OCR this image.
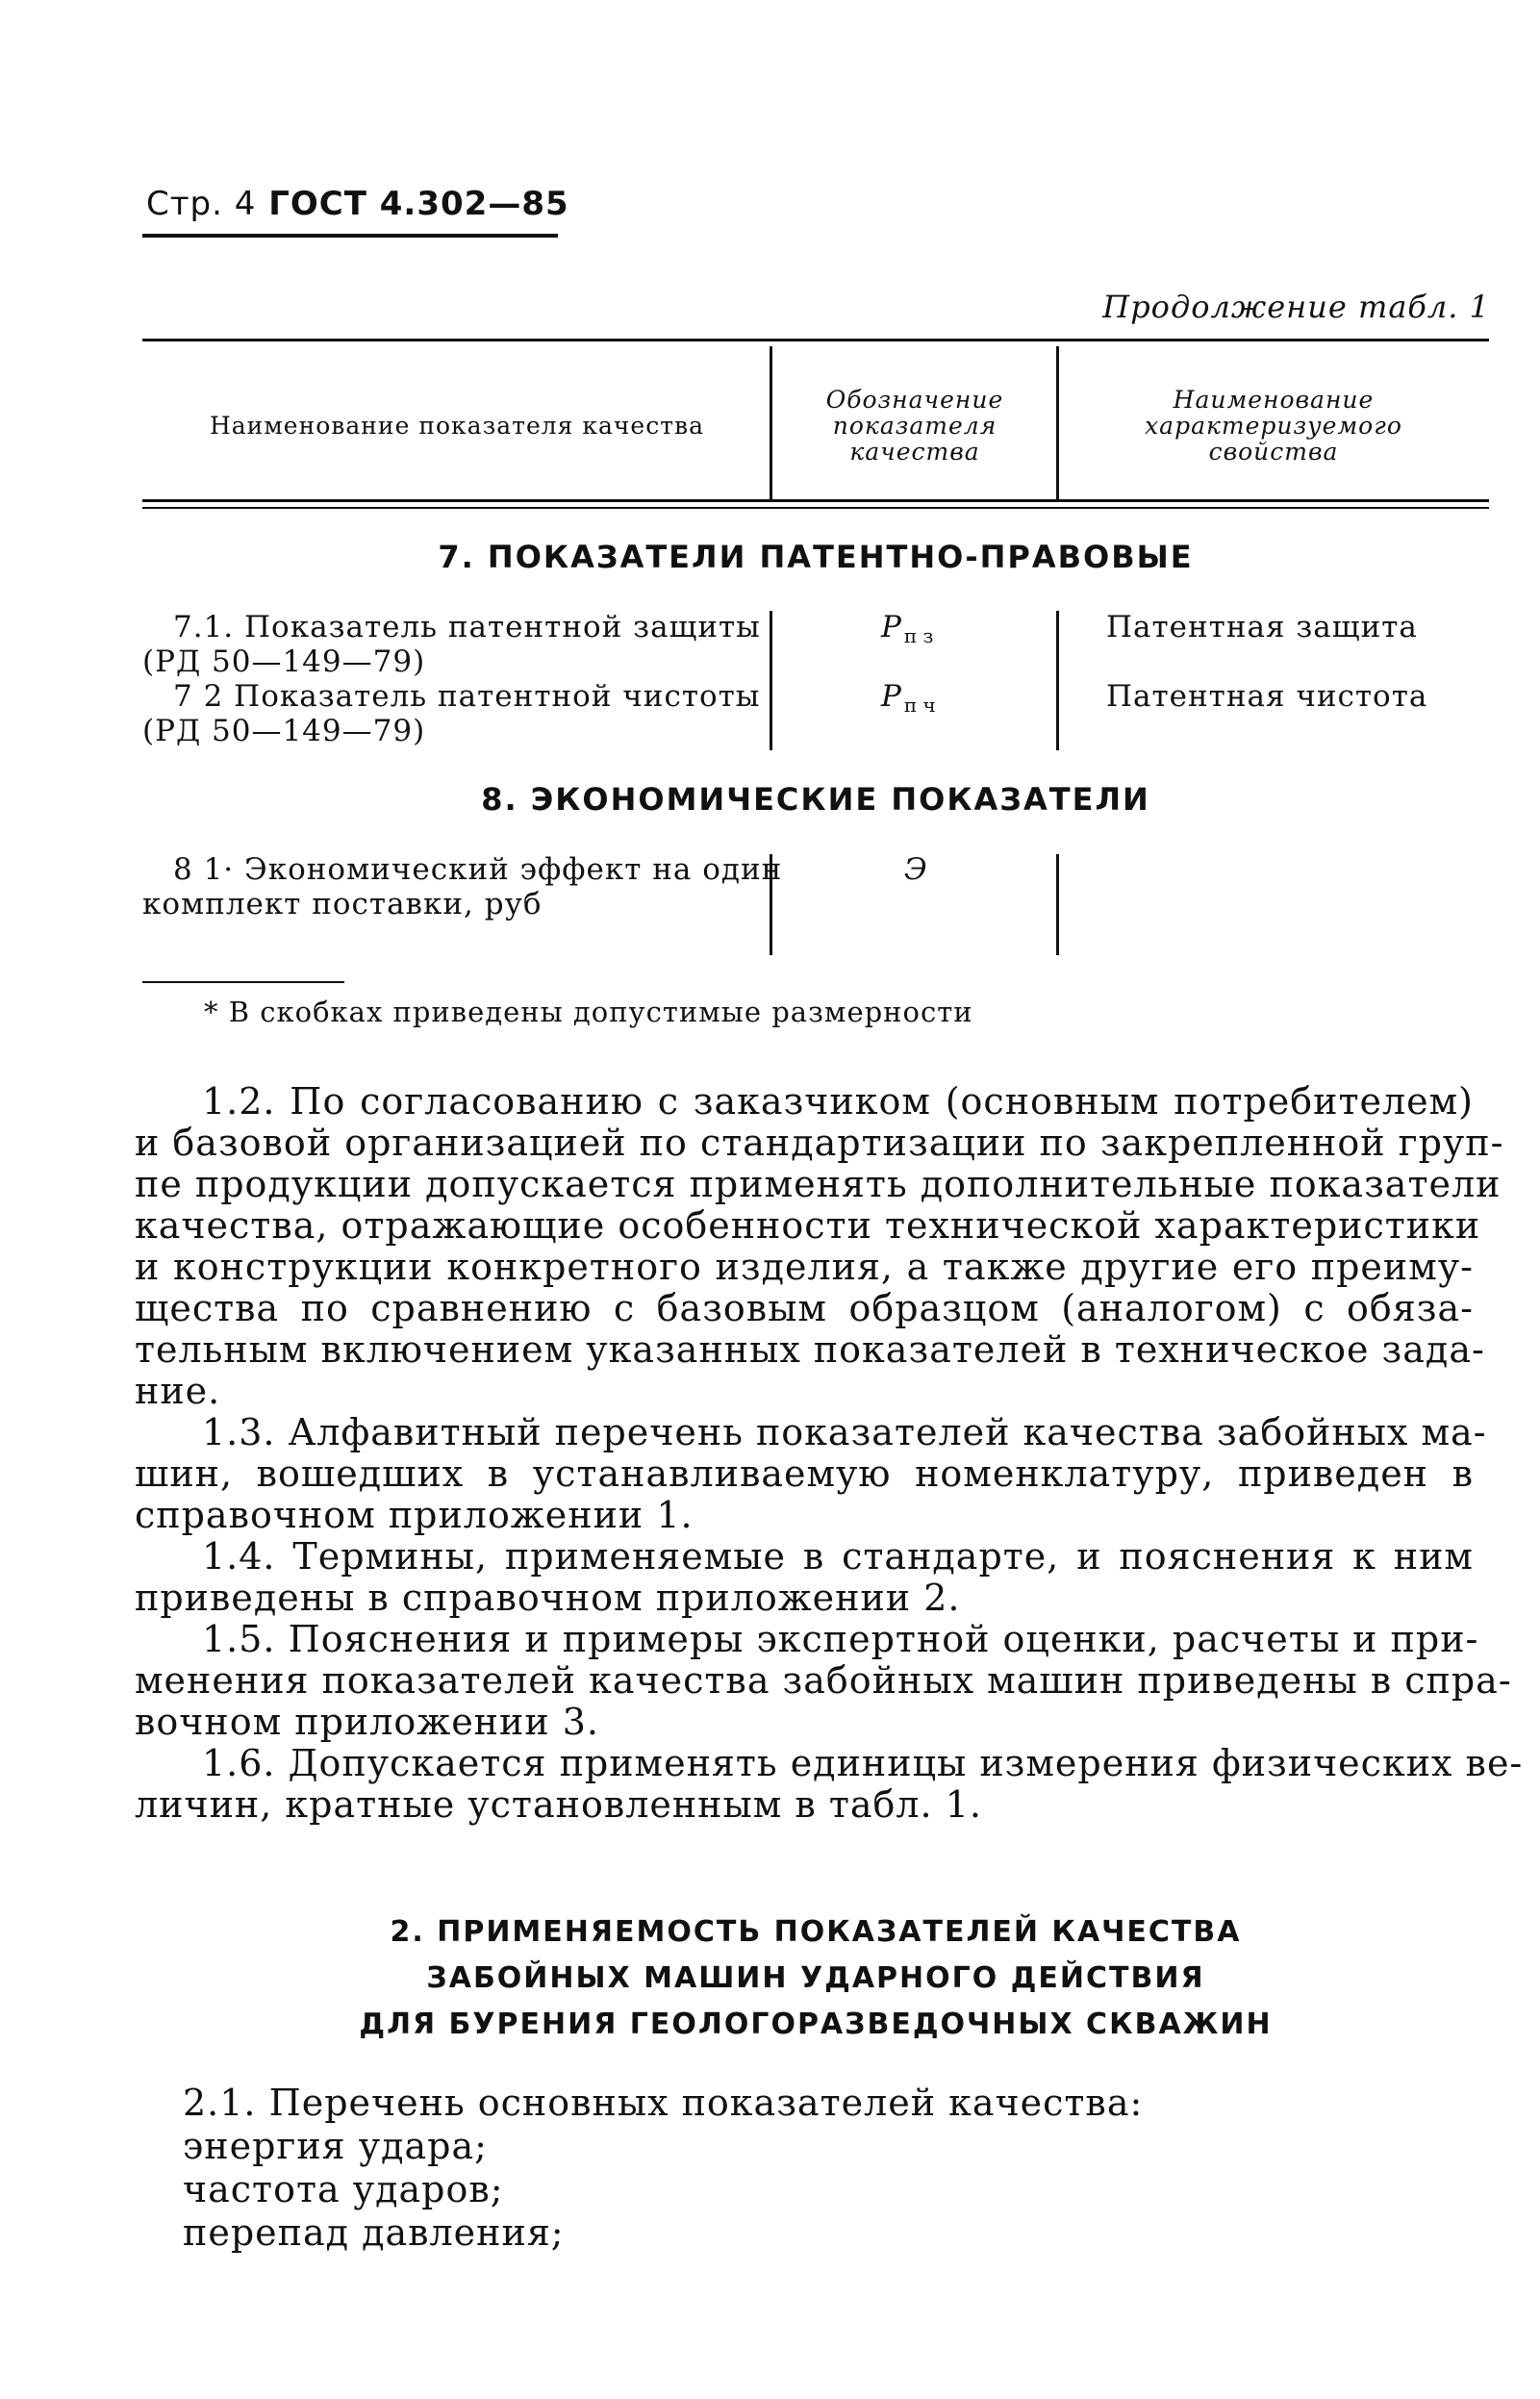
Стр. 4 ГОСТ 4.302—85
Продолжение табл. 1
Наименование показателя качества
Обозначение
показателя
качества
Наименование
характеризуемого
свойства
7. ПОКАЗАТЕЛИ ПАТЕНТНО-ПРАВОВЫЕ
7.1. Показатель патентной защиты
(РД 50—149—79)
P $_{п з}$	Патентная защита
7 2 Показатель патентной чистоты
(РД 50—149—79)
P $_{п ч}$	Патентная чистота
8. ЭКОНОМИЧЕСКИЕ ПОКАЗАТЕЛИ
8 1· Экономический эффект на один
комплект поставки, руб
Э
* В скобках приведены допустимые размерности
1.2. По согласованию с заказчиком (основным потребителем)
и базовой организацией по стандартизации по закрепленной груп-
пе продукции допускается применять дополнительные показатели
качества, отражающие особенности технической характеристики
и конструкции конкретного изделия, а также другие его преиму-
щества по сравнению с базовым образцом (аналогом) с обяза-
тельным включением указанных показателей в техническое зада-
ние.
1.3. Алфавитный перечень показателей качества забойных ма-
шин, вошедших в устанавливаемую номенклатуру, приведен в
справочном приложении 1.
1.4. Термины, применяемые в стандарте, и пояснения к ним
приведены в справочном приложении 2.
1.5. Пояснения и примеры экспертной оценки, расчеты и при-
менения показателей качества забойных машин приведены в спра-
вочном приложении 3.
1.6. Допускается применять единицы измерения физических ве-
личин, кратные установленным в табл. 1.
2. ПРИМЕНЯЕМОСТЬ ПОКАЗАТЕЛЕЙ КАЧЕСТВА
ЗАБОЙНЫХ МАШИН УДАРНОГО ДЕЙСТВИЯ
ДЛЯ БУРЕНИЯ ГЕОЛОГОРАЗВЕДОЧНЫХ СКВАЖИН
2.1. Перечень основных показателей качества:
энергия удара;
частота ударов;
перепад давления;
